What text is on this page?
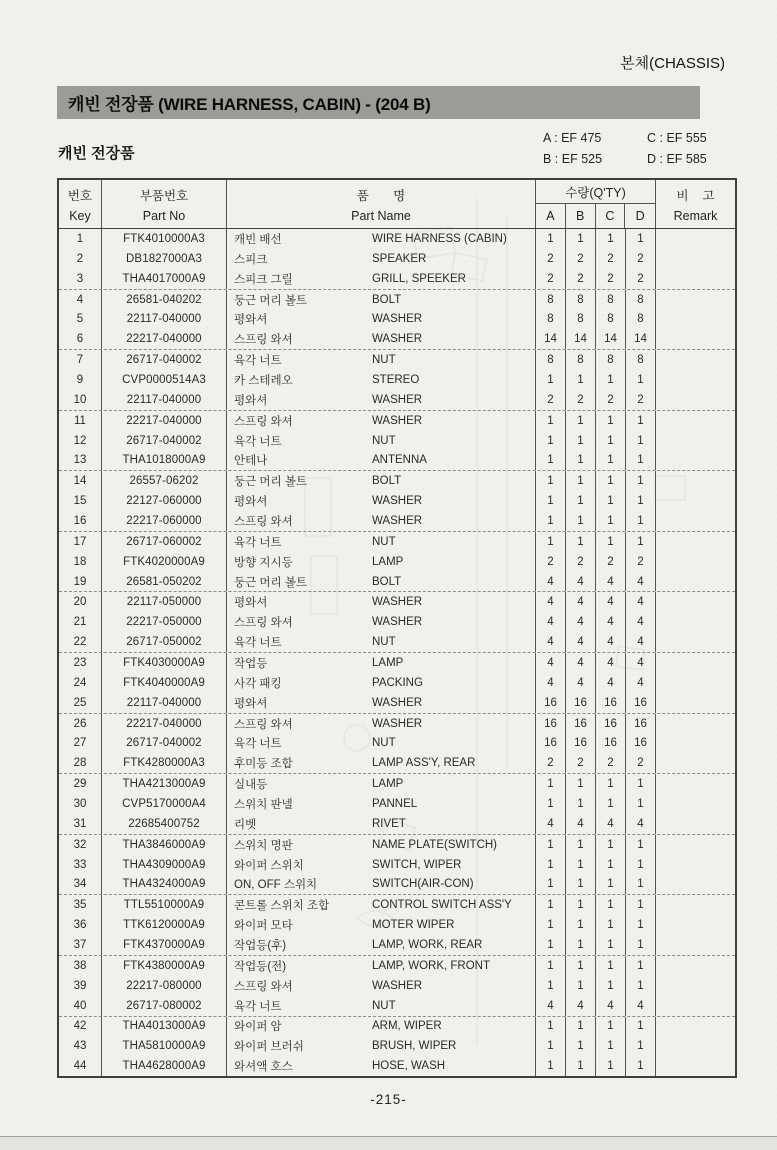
본체(CHASSIS)
캐빈 전장품 (WIRE HARNESS, CABIN) - (204 B)
캐빈 전장품
A : EF 475	C : EF 555
B : EF 525	D : EF 585
번호
Key
부품번호
Part No
품       명
Part Name
수량(Q'TY)
A	B	C	D
비    고
Remark
1	FTK4010000A3	캐빈 배선	WIRE HARNESS (CABIN)	1	1	1	1
2	DB1827000A3	스피크	SPEAKER	2	2	2	2
3	THA4017000A9	스피크 그릴	GRILL, SPEEKER	2	2	2	2
4	26581-040202	둥근 머리 볼트	BOLT	8	8	8	8
5	22117-040000	평와셔	WASHER	8	8	8	8
6	22217-040000	스프링 와셔	WASHER	14	14	14	14
7	26717-040002	육각 너트	NUT	8	8	8	8
9	CVP0000514A3	카 스테레오	STEREO	1	1	1	1
10	22117-040000	평와셔	WASHER	2	2	2	2
11	22217-040000	스프링 와셔	WASHER	1	1	1	1
12	26717-040002	육각 너트	NUT	1	1	1	1
13	THA1018000A9	안테나	ANTENNA	1	1	1	1
14	26557-06202	둥근 머리 볼트	BOLT	1	1	1	1
15	22127-060000	평와셔	WASHER	1	1	1	1
16	22217-060000	스프링 와셔	WASHER	1	1	1	1
17	26717-060002	육각 너트	NUT	1	1	1	1
18	FTK4020000A9	방향 지시등	LAMP	2	2	2	2
19	26581-050202	둥근 머리 볼트	BOLT	4	4	4	4
20	22117-050000	평와셔	WASHER	4	4	4	4
21	22217-050000	스프링 와셔	WASHER	4	4	4	4
22	26717-050002	육각 너트	NUT	4	4	4	4
23	FTK4030000A9	작업등	LAMP	4	4	4	4
24	FTK4040000A9	사각 패킹	PACKING	4	4	4	4
25	22117-040000	평와셔	WASHER	16	16	16	16
26	22217-040000	스프링 와셔	WASHER	16	16	16	16
27	26717-040002	육각 너트	NUT	16	16	16	16
28	FTK4280000A3	후미등 조합	LAMP ASS'Y, REAR	2	2	2	2
29	THA4213000A9	실내등	LAMP	1	1	1	1
30	CVP5170000A4	스위치 판넬	PANNEL	1	1	1	1
31	22685400752	리벳	RIVET	4	4	4	4
32	THA3846000A9	스위치 명판	NAME PLATE(SWITCH)	1	1	1	1
33	THA4309000A9	와이퍼 스위치	SWITCH, WIPER	1	1	1	1
34	THA4324000A9	ON, OFF 스위치	SWITCH(AIR-CON)	1	1	1	1
35	TTL5510000A9	콘트롤 스위치 조합	CONTROL SWITCH ASS'Y	1	1	1	1
36	TTK6120000A9	와이퍼 모타	MOTER WIPER	1	1	1	1
37	FTK4370000A9	작업등(후)	LAMP, WORK, REAR	1	1	1	1
38	FTK4380000A9	작업등(전)	LAMP, WORK, FRONT	1	1	1	1
39	22217-080000	스프링 와셔	WASHER	1	1	1	1
40	26717-080002	육각 너트	NUT	4	4	4	4
42	THA4013000A9	와이퍼 암	ARM, WIPER	1	1	1	1
43	THA5810000A9	와이퍼 브러쉬	BRUSH, WIPER	1	1	1	1
44	THA4628000A9	와셔액 호스	HOSE, WASH	1	1	1	1
-215-
